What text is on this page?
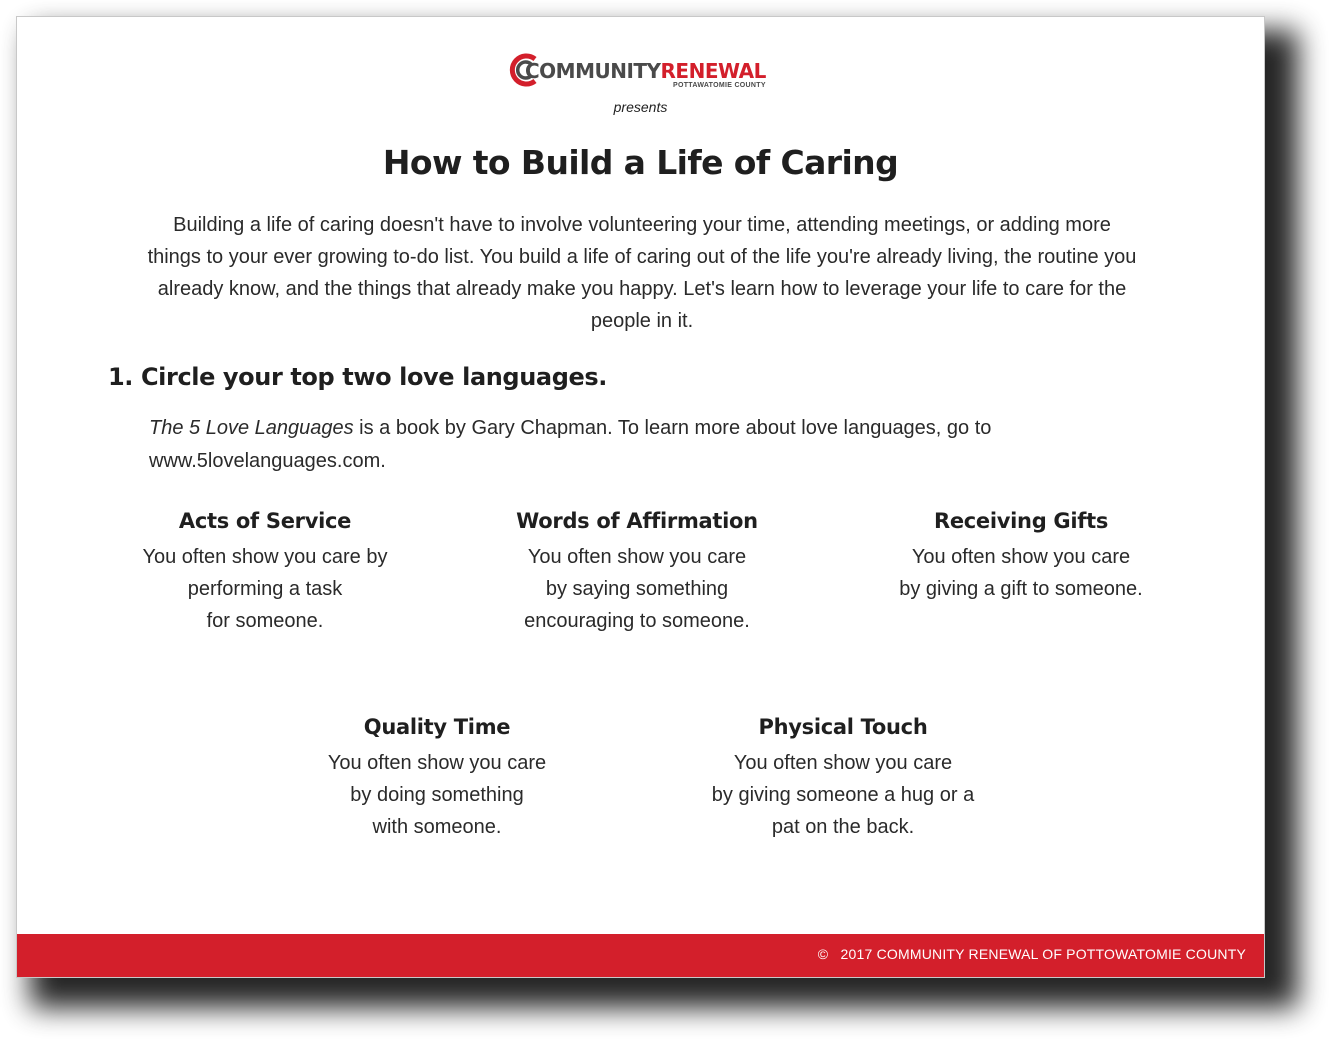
COMMUNITYRENEWAL
POTTAWATOMIE COUNTY
presents
How to Build a Life of Caring
Building a life of caring doesn't have to involve volunteering your time, attending meetings, or adding more things to your ever growing to-do list. You build a life of caring out of the life you're already living, the routine you already know, and the things that already make you happy. Let's learn how to leverage your life to care for the people in it.
1. Circle your top two love languages.
The 5 Love Languages is a book by Gary Chapman. To learn more about love languages, go to www.5lovelanguages.com.
Acts of Service
You often show you care by
performing a task
for someone.
Words of Affirmation
You often show you care
by saying something
encouraging to someone.
Receiving Gifts
You often show you care
by giving a gift to someone.
Quality Time
You often show you care
by doing something
with someone.
Physical Touch
You often show you care
by giving someone a hug or a
pat on the back.
© 2017 COMMUNITY RENEWAL OF POTTOWATOMIE COUNTY
